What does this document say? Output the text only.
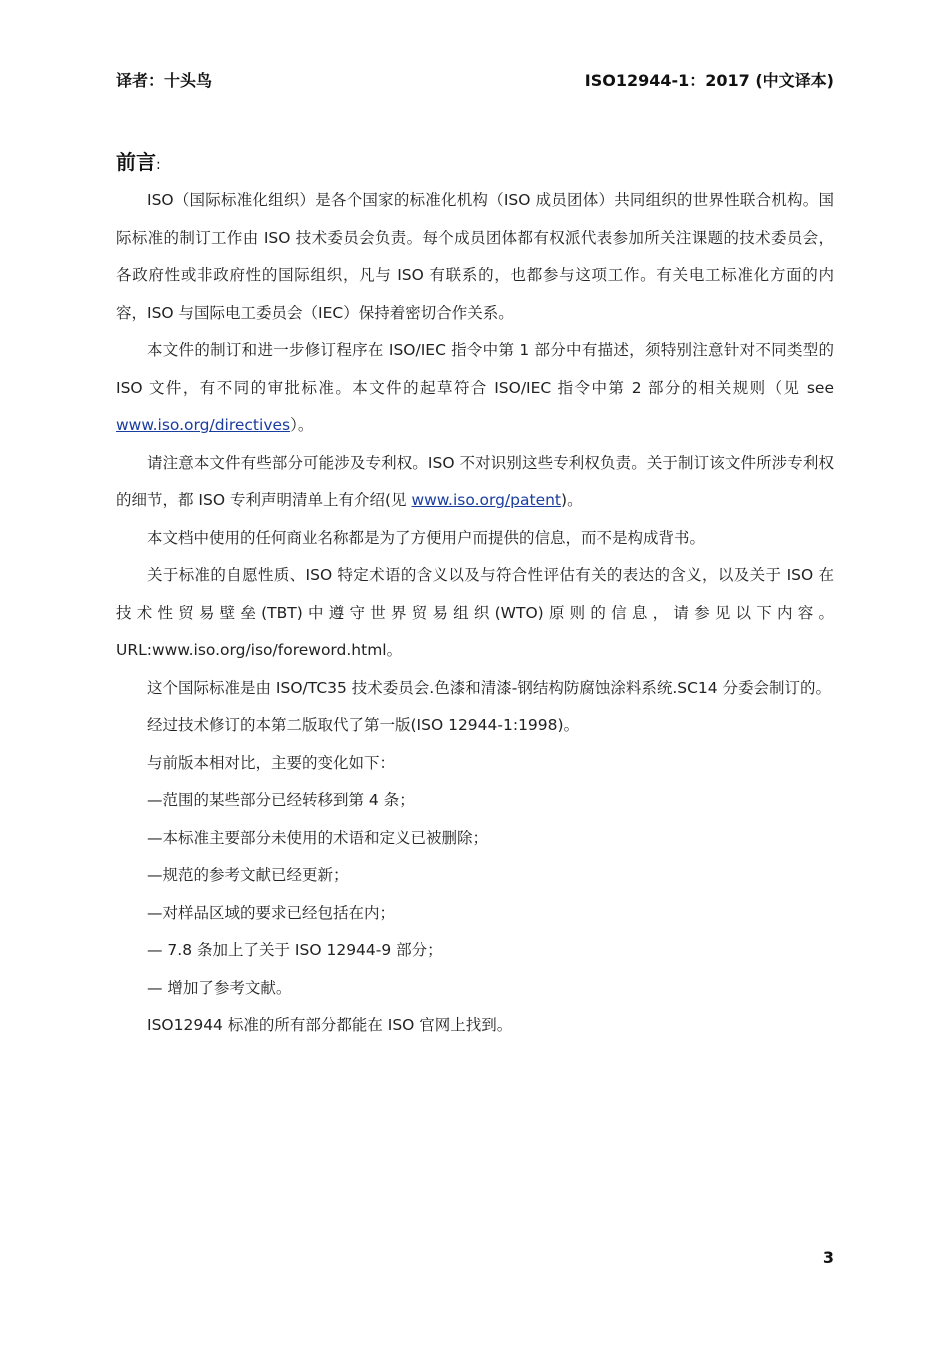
译者：十头鸟	ISO12944-1：2017 (中文译本)
前言:

ISO（国际标准化组织）是各个国家的标准化机构（ISO 成员团体）共同组织的世界性联合机构。国际标准的制订工作由 ISO 技术委员会负责。每个成员团体都有权派代表参加所关注课题的技术委员会，各政府性或非政府性的国际组织，凡与 ISO 有联系的，也都参与这项工作。有关电工标准化方面的内容，ISO 与国际电工委员会（IEC）保持着密切合作关系。

本文件的制订和进一步修订程序在 ISO/IEC 指令中第 1 部分中有描述，须特别注意针对不同类型的 ISO 文件，有不同的审批标准。本文件的起草符合 ISO/IEC 指令中第 2 部分的相关规则（见 see www.iso.org/directives）。

请注意本文件有些部分可能涉及专利权。ISO 不对识别这些专利权负责。关于制订该文件所涉专利权的细节，都 ISO 专利声明清单上有介绍(见 www.iso.org/patent)。

本文档中使用的任何商业名称都是为了方便用户而提供的信息，而不是构成背书。

关于标准的自愿性质、ISO 特定术语的含义以及与符合性评估有关的表达的含义，以及关于 ISO 在技术性贸易壁垒(TBT)中遵守世界贸易组织(WTO)原则的信息，请参见以下内容。URL:www.iso.org/iso/foreword.html。

这个国际标准是由 ISO/TC35 技术委员会.色漆和清漆-钢结构防腐蚀涂料系统.SC14 分委会制订的。

经过技术修订的本第二版取代了第一版(ISO 12944-1:1998)。

与前版本相对比，主要的变化如下：

—范围的某些部分已经转移到第 4 条；

—本标准主要部分未使用的术语和定义已被删除；

—规范的参考文献已经更新；

—对样品区域的要求已经包括在内；

— 7.8 条加上了关于 ISO 12944-9 部分；

— 增加了参考文献。

ISO12944 标准的所有部分都能在 ISO 官网上找到。

3
